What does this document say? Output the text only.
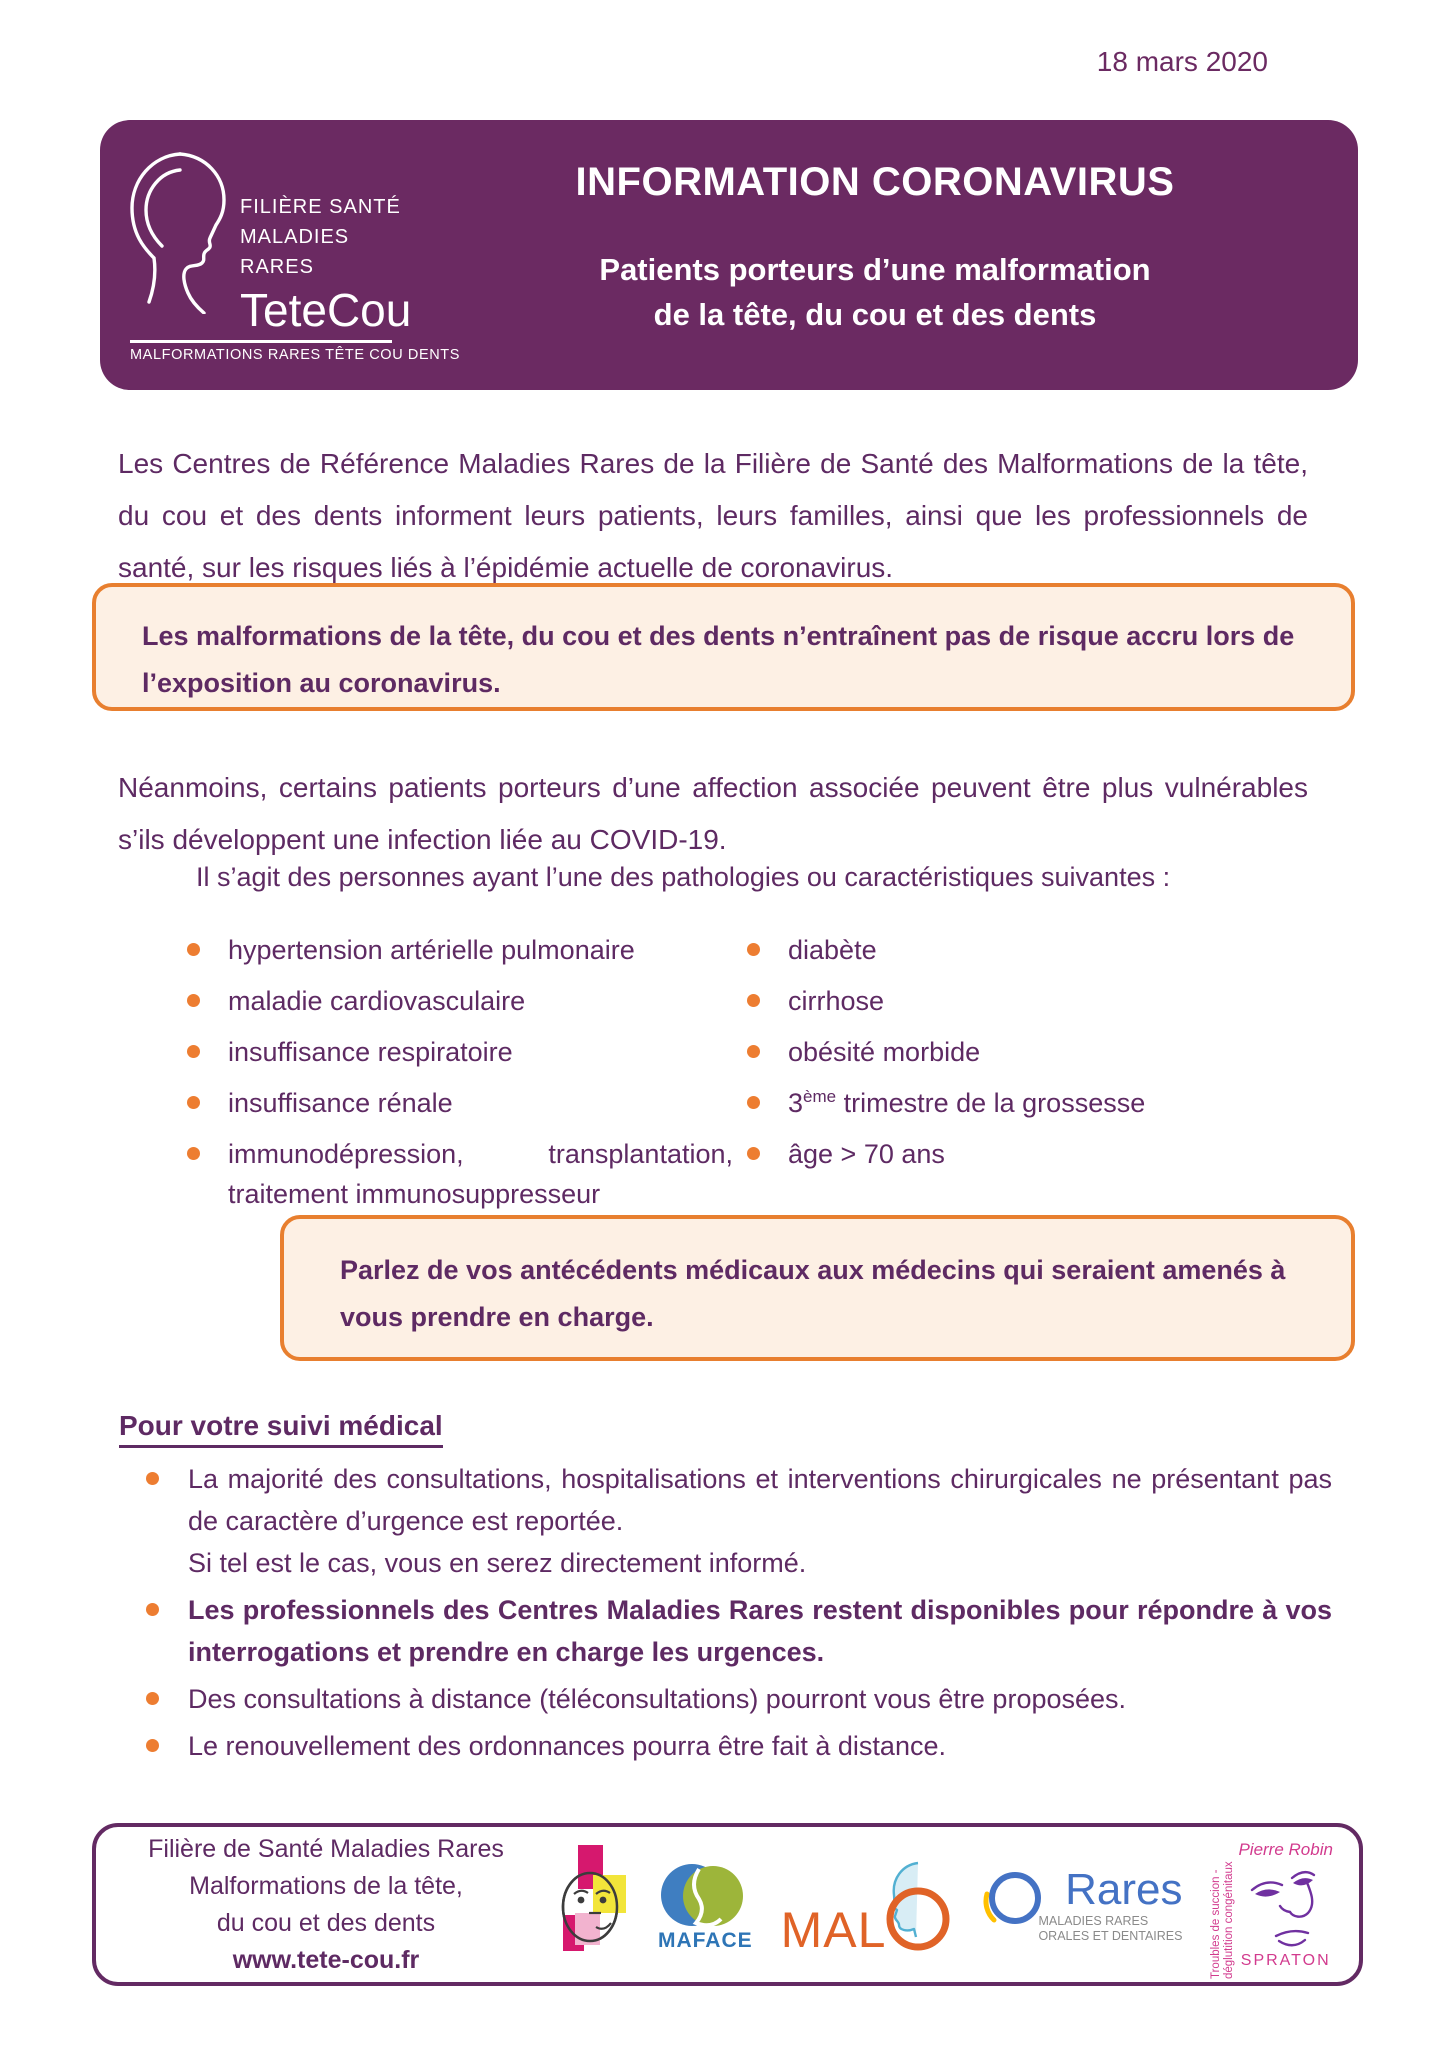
18 mars 2020
FILIÈRE SANTÉ
MALADIES RARES
TeteCou
MALFORMATIONS RARES TÊTE COU DENTS
INFORMATION CORONAVIRUS
Patients porteurs d’une malformation
de la tête, du cou et des dents
Les Centres de Référence Maladies Rares de la Filière de Santé des Malformations de la tête, du cou et des dents informent leurs patients, leurs familles, ainsi que les professionnels de santé, sur les risques liés à l’épidémie actuelle de coronavirus.
Les malformations de la tête, du cou et des dents n’entraînent pas de risque accru lors de l’exposition au coronavirus.
Néanmoins, certains patients porteurs d’une affection associée peuvent être plus vulnérables s’ils développent une infection liée au COVID-19.
Il s’agit des personnes ayant l’une des pathologies ou caractéristiques suivantes :
hypertension artérielle pulmonaire
maladie cardiovasculaire
insuffisance respiratoire
insuffisance rénale
immunodépression, transplantation, traitement immunosuppresseur
diabète
cirrhose
obésité morbide
3ème trimestre de la grossesse
âge > 70 ans
Parlez de vos antécédents médicaux aux médecins qui seraient amenés à vous prendre en charge.
Pour votre suivi médical
La majorité des consultations, hospitalisations et interventions chirurgicales ne présentant pas de caractère d’urgence est reportée.
Si tel est le cas, vous en serez directement informé.
Les professionnels des Centres Maladies Rares restent disponibles pour répondre à vos interrogations et prendre en charge les urgences.
Des consultations à distance (téléconsultations) pourront vous être proposées.
Le renouvellement des ordonnances pourra être fait à distance.
Filière de Santé Maladies Rares
Malformations de la tête,
du cou et des dents
www.tete-cou.fr
MAFACE MAL
Rares
MALADIES RARES
ORALES ET DENTAIRES Troubles de succion - déglutition congénitaux
Pierre Robin
SPRATON
